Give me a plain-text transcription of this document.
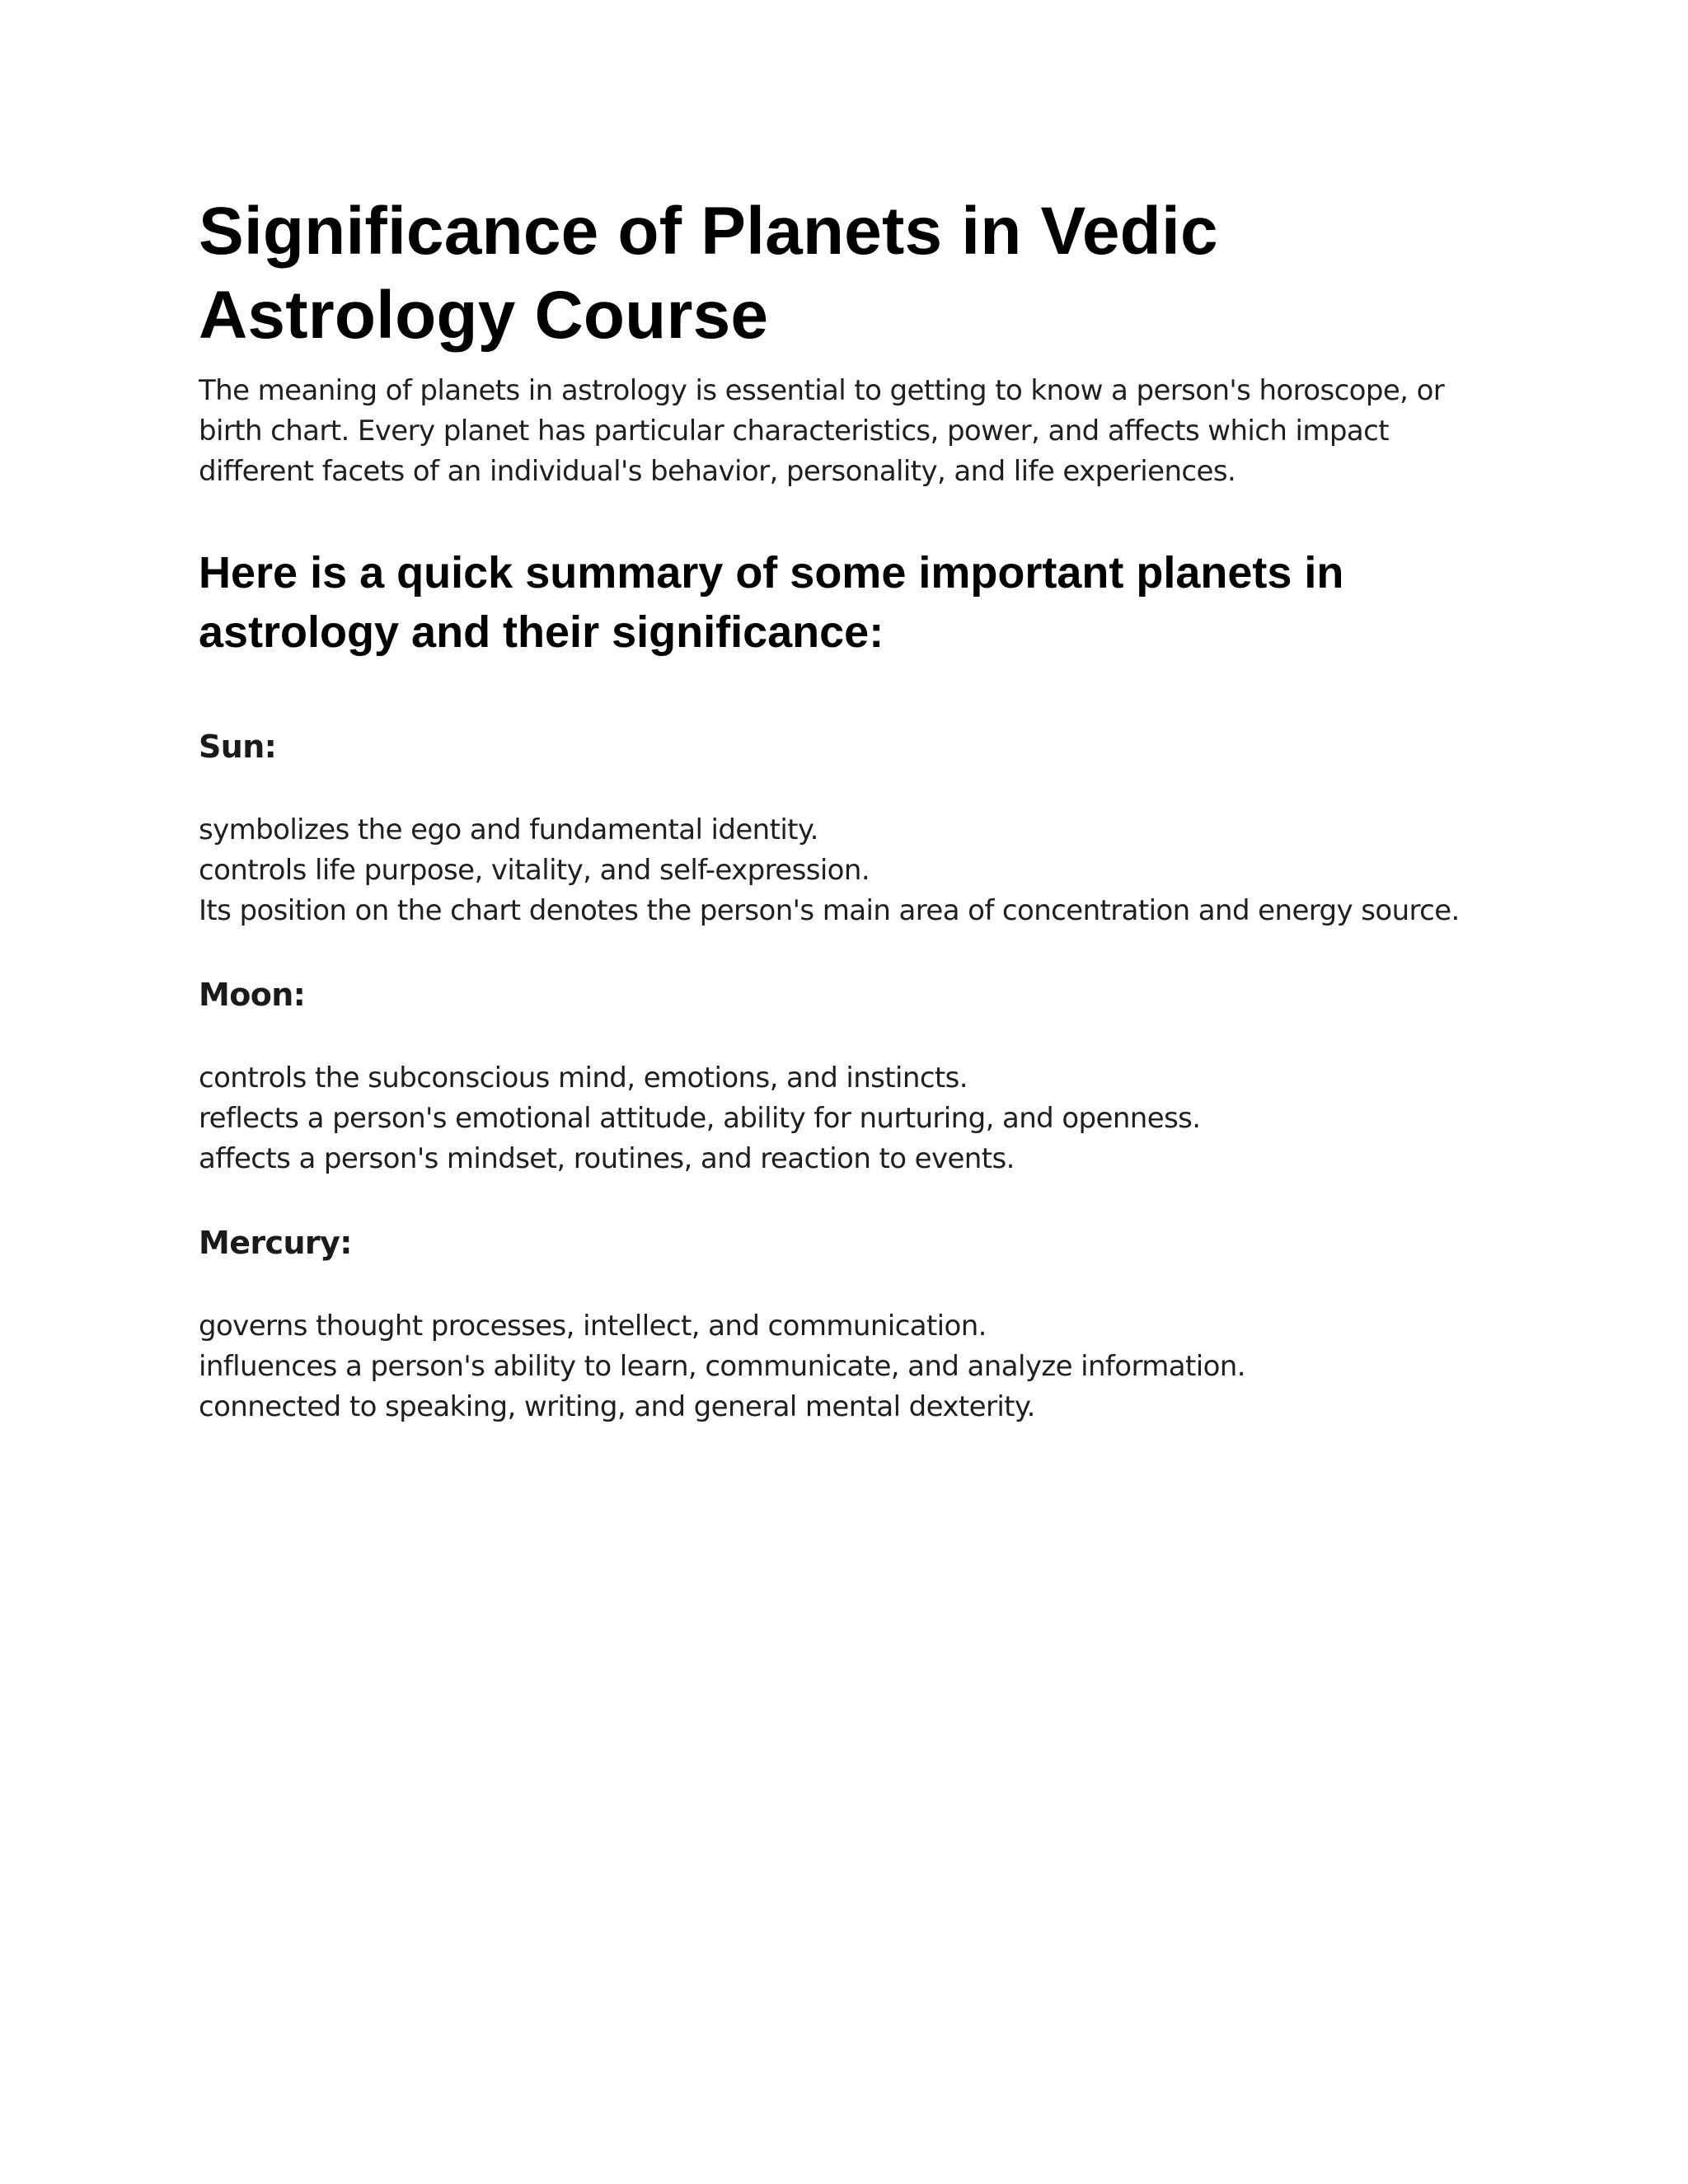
Significance of Planets in Vedic Astrology Course

The meaning of planets in astrology is essential to getting to know a person's horoscope, or birth chart. Every planet has particular characteristics, power, and affects which impact different facets of an individual's behavior, personality, and life experiences.

Here is a quick summary of some important planets in astrology and their significance:
Sun:
symbolizes the ego and fundamental identity.
controls life purpose, vitality, and self-expression.
Its position on the chart denotes the person's main area of concentration and energy source.
Moon:
controls the subconscious mind, emotions, and instincts.
reflects a person's emotional attitude, ability for nurturing, and openness.
affects a person's mindset, routines, and reaction to events.
Mercury:
governs thought processes, intellect, and communication.
influences a person's ability to learn, communicate, and analyze information.
connected to speaking, writing, and general mental dexterity.
